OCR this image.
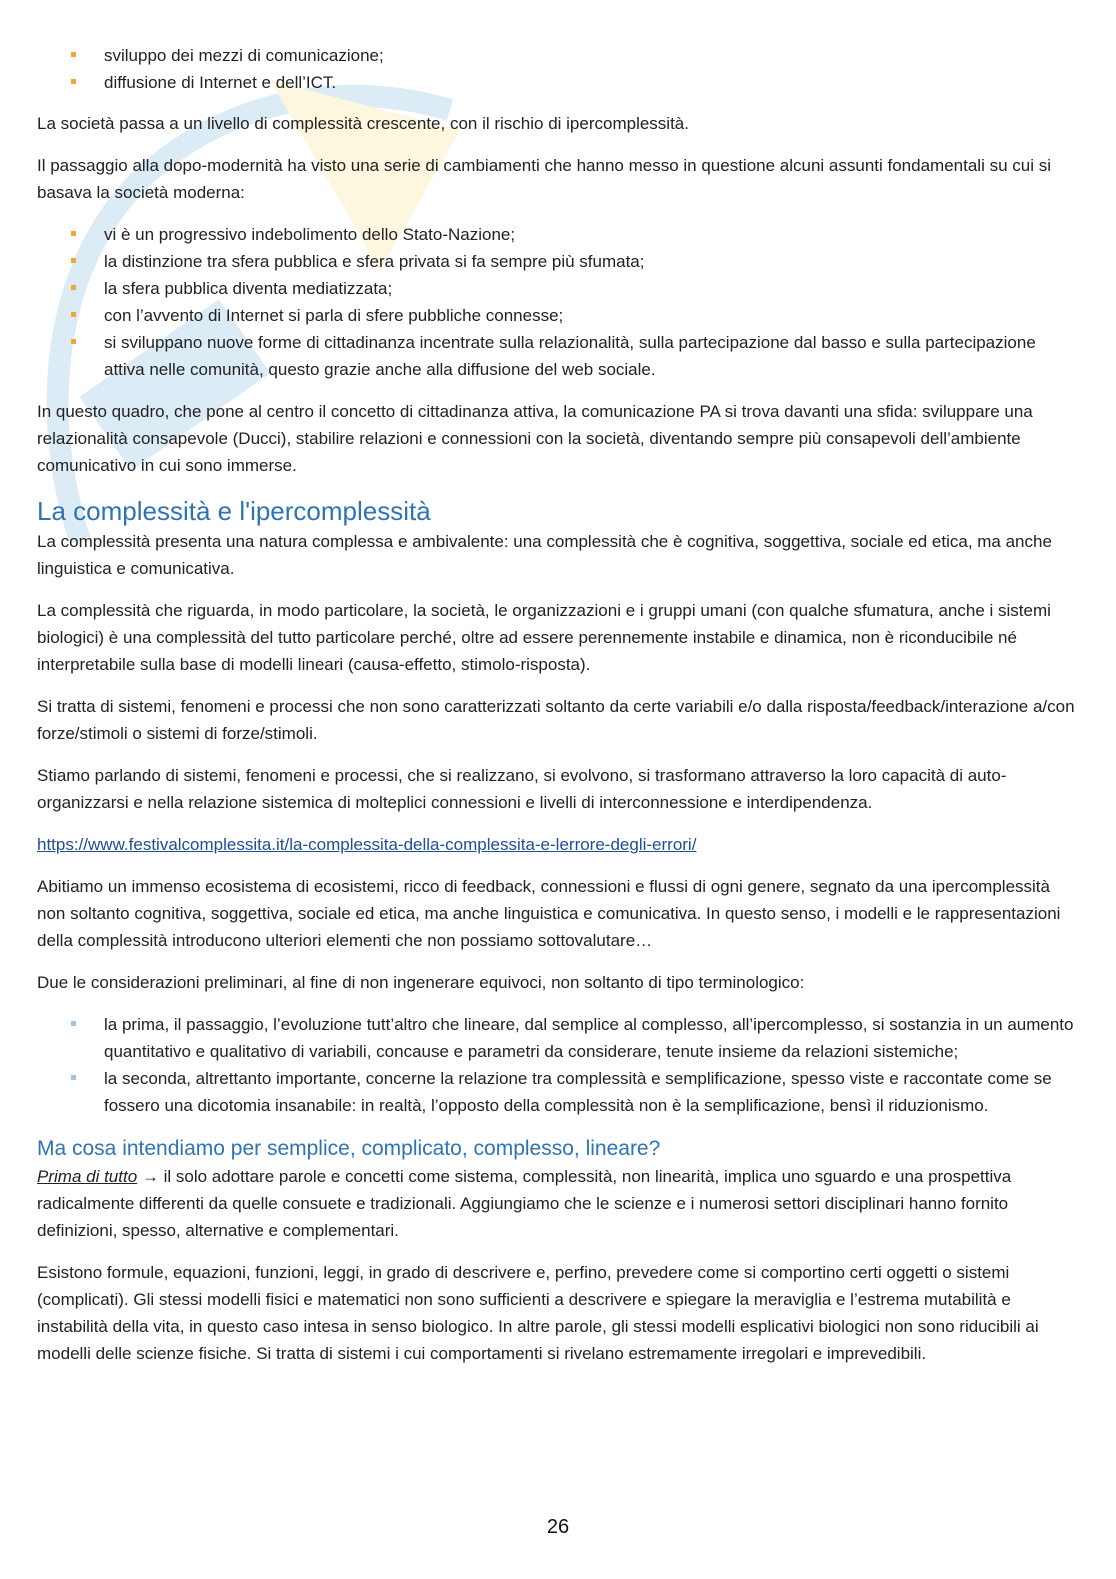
sviluppo dei mezzi di comunicazione;
diffusione di Internet e dell’ICT.

La società passa a un livello di complessità crescente, con il rischio di ipercomplessità.

Il passaggio alla dopo-modernità ha visto una serie di cambiamenti che hanno messo in questione alcuni assunti fondamentali su cui si basava la società moderna:

vi è un progressivo indebolimento dello Stato-Nazione;
la distinzione tra sfera pubblica e sfera privata si fa sempre più sfumata;
la sfera pubblica diventa mediatizzata;
con l’avvento di Internet si parla di sfere pubbliche connesse;
si sviluppano nuove forme di cittadinanza incentrate sulla relazionalità, sulla partecipazione dal basso e sulla partecipazione attiva nelle comunità, questo grazie anche alla diffusione del web sociale.

In questo quadro, che pone al centro il concetto di cittadinanza attiva, la comunicazione PA si trova davanti una sfida: sviluppare una relazionalità consapevole (Ducci), stabilire relazioni e connessioni con la società, diventando sempre più consapevoli dell’ambiente comunicativo in cui sono immerse.

La complessità e l'ipercomplessità

La complessità presenta una natura complessa e ambivalente: una complessità che è cognitiva, soggettiva, sociale ed etica, ma anche linguistica e comunicativa.

La complessità che riguarda, in modo particolare, la società, le organizzazioni e i gruppi umani (con qualche sfumatura, anche i sistemi biologici) è una complessità del tutto particolare perché, oltre ad essere perennemente instabile e dinamica, non è riconducibile né interpretabile sulla base di modelli lineari (causa-effetto, stimolo-risposta).

Si tratta di sistemi, fenomeni e processi che non sono caratterizzati soltanto da certe variabili e/o dalla risposta/feedback/interazione a/con forze/stimoli o sistemi di forze/stimoli.

Stiamo parlando di sistemi, fenomeni e processi, che si realizzano, si evolvono, si trasformano attraverso la loro capacità di auto-organizzarsi e nella relazione sistemica di molteplici connessioni e livelli di interconnessione e interdipendenza.

https://www.festivalcomplessita.it/la-complessita-della-complessita-e-lerrore-degli-errori/

Abitiamo un immenso ecosistema di ecosistemi, ricco di feedback, connessioni e flussi di ogni genere, segnato da una ipercomplessità non soltanto cognitiva, soggettiva, sociale ed etica, ma anche linguistica e comunicativa. In questo senso, i modelli e le rappresentazioni della complessità introducono ulteriori elementi che non possiamo sottovalutare…

Due le considerazioni preliminari, al fine di non ingenerare equivoci, non soltanto di tipo terminologico:

la prima, il passaggio, l’evoluzione tutt’altro che lineare, dal semplice al complesso, all’ipercomplesso, si sostanzia in un aumento quantitativo e qualitativo di variabili, concause e parametri da considerare, tenute insieme da relazioni sistemiche;
la seconda, altrettanto importante, concerne la relazione tra complessità e semplificazione, spesso viste e raccontate come se fossero una dicotomia insanabile: in realtà, l’opposto della complessità non è la semplificazione, bensì il riduzionismo.
Ma cosa intendiamo per semplice, complicato, complesso, lineare?

Prima di tutto → il solo adottare parole e concetti come sistema, complessità, non linearità, implica uno sguardo e una prospettiva radicalmente differenti da quelle consuete e tradizionali. Aggiungiamo che le scienze e i numerosi settori disciplinari hanno fornito definizioni, spesso, alternative e complementari.

Esistono formule, equazioni, funzioni, leggi, in grado di descrivere e, perfino, prevedere come si comportino certi oggetti o sistemi (complicati). Gli stessi modelli fisici e matematici non sono sufficienti a descrivere e spiegare la meraviglia e l’estrema mutabilità e instabilità della vita, in questo caso intesa in senso biologico. In altre parole, gli stessi modelli esplicativi biologici non sono riducibili ai modelli delle scienze fisiche. Si tratta di sistemi i cui comportamenti si rivelano estremamente irregolari e imprevedibili.

26
